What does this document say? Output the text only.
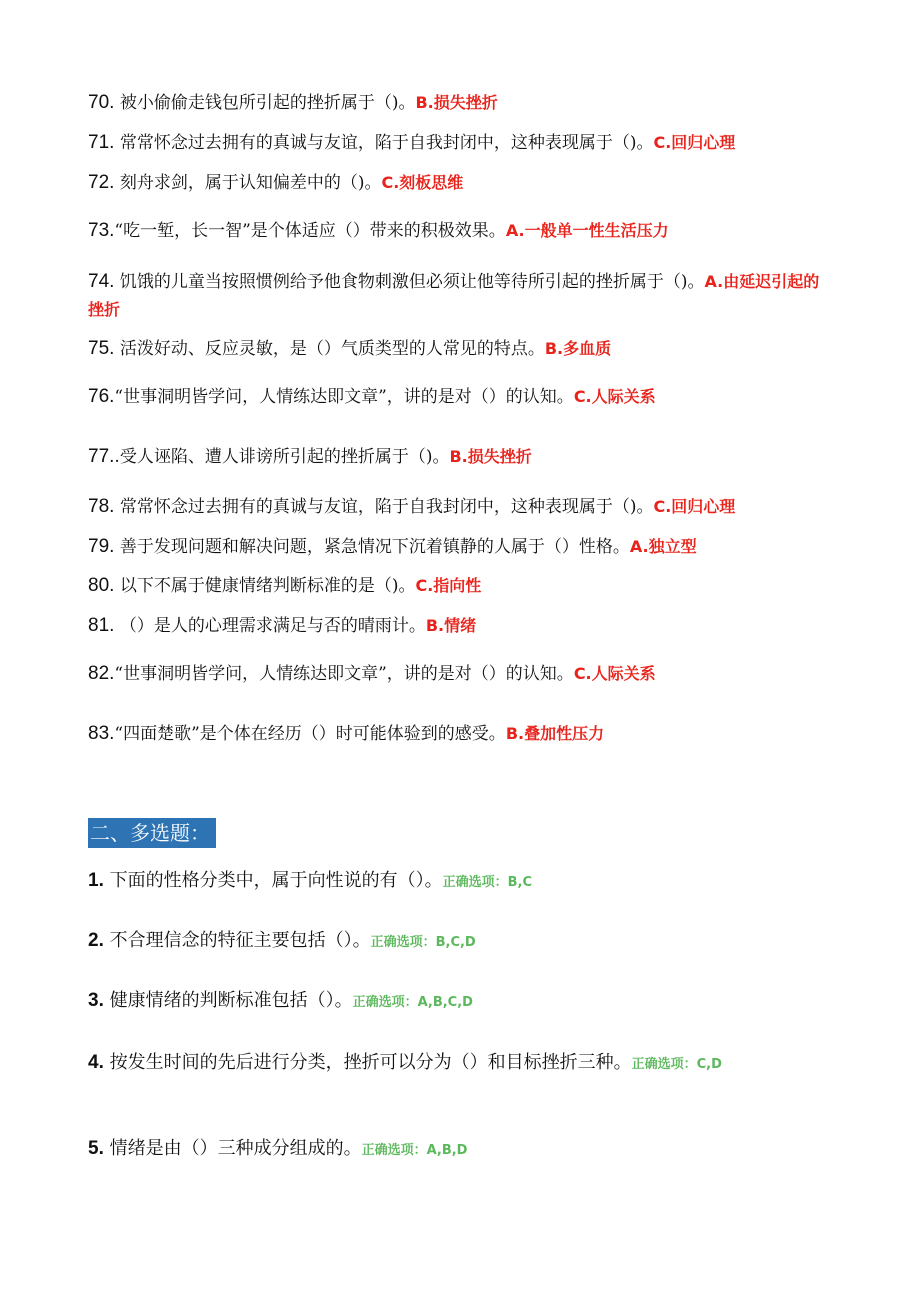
70. 被小偷偷走钱包所引起的挫折属于（)。B.损失挫折
71. 常常怀念过去拥有的真诚与友谊，陷于自我封闭中，这种表现属于（)。C.回归心理
72. 刻舟求剑，属于认知偏差中的（)。C.刻板思维
73.“吃一堑，长一智”是个体适应（）带来的积极效果。A.一般单一性生活压力
74. 饥饿的儿童当按照惯例给予他食物刺激但必须让他等待所引起的挫折属于（)。A.由延迟引起的挫折
75. 活泼好动、反应灵敏，是（）气质类型的人常见的特点。B.多血质
76.“世事洞明皆学问，人情练达即文章”，讲的是对（）的认知。C.人际关系
77..受人诬陷、遭人诽谤所引起的挫折属于（)。B.损失挫折
78. 常常怀念过去拥有的真诚与友谊，陷于自我封闭中，这种表现属于（)。C.回归心理
79. 善于发现问题和解决问题，紧急情况下沉着镇静的人属于（）性格。A.独立型
80. 以下不属于健康情绪判断标准的是（)。C.指向性
81. （）是人的心理需求满足与否的晴雨计。B.情绪
82.“世事洞明皆学问，人情练达即文章”，讲的是对（）的认知。C.人际关系
83.“四面楚歌”是个体在经历（）时可能体验到的感受。B.叠加性压力
二、多选题：
1. 下面的性格分类中，属于向性说的有（）。正确选项：B,C
2. 不合理信念的特征主要包括（）。正确选项：B,C,D
3. 健康情绪的判断标准包括（）。正确选项：A,B,C,D
4. 按发生时间的先后进行分类，挫折可以分为（）和目标挫折三种。正确选项：C,D
5. 情绪是由（）三种成分组成的。正确选项：A,B,D
